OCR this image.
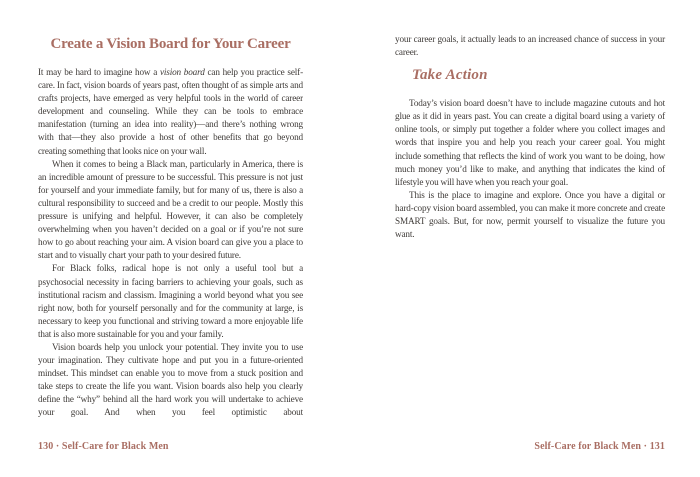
Create a Vision Board for Your Career

It may be hard to imagine how a vision board can help you practice self-care. In fact, vision boards of years past, often thought of as simple arts and crafts projects, have emerged as very helpful tools in the world of career development and counseling. While they can be tools to embrace manifestation (turning an idea into reality)—and there’s nothing wrong with that—they also provide a host of other benefits that go beyond creating something that looks nice on your wall.

When it comes to being a Black man, particularly in America, there is an incredible amount of pressure to be successful. This pressure is not just for yourself and your immediate family, but for many of us, there is also a cultural responsibility to succeed and be a credit to our people. Mostly this pressure is unifying and helpful. However, it can also be completely overwhelming when you haven’t decided on a goal or if you’re not sure how to go about reaching your aim. A vision board can give you a place to start and to visually chart your path to your desired future.

For Black folks, radical hope is not only a useful tool but a psychosocial necessity in facing barriers to achieving your goals, such as institutional racism and classism. Imagining a world beyond what you see right now, both for yourself personally and for the community at large, is necessary to keep you functional and striving toward a more enjoyable life that is also more sustainable for you and your family.

Vision boards help you unlock your potential. They invite you to use your imagination. They cultivate hope and put you in a future-oriented mindset. This mindset can enable you to move from a stuck position and take steps to create the life you want. Vision boards also help you clearly define the “why” behind all the hard work you will undertake to achieve your goal. And when you feel optimistic about

your career goals, it actually leads to an increased chance of success in your career.

Take Action

Today’s vision board doesn’t have to include magazine cutouts and hot glue as it did in years past. You can create a digital board using a variety of online tools, or simply put together a folder where you collect images and words that inspire you and help you reach your career goal. You might include something that reflects the kind of work you want to be doing, how much money you’d like to make, and anything that indicates the kind of lifestyle you will have when you reach your goal.

This is the place to imagine and explore. Once you have a digital or hard-copy vision board assembled, you can make it more concrete and create SMART goals. But, for now, permit yourself to visualize the future you want.

130 · Self-Care for Black Men	Self-Care for Black Men · 131
